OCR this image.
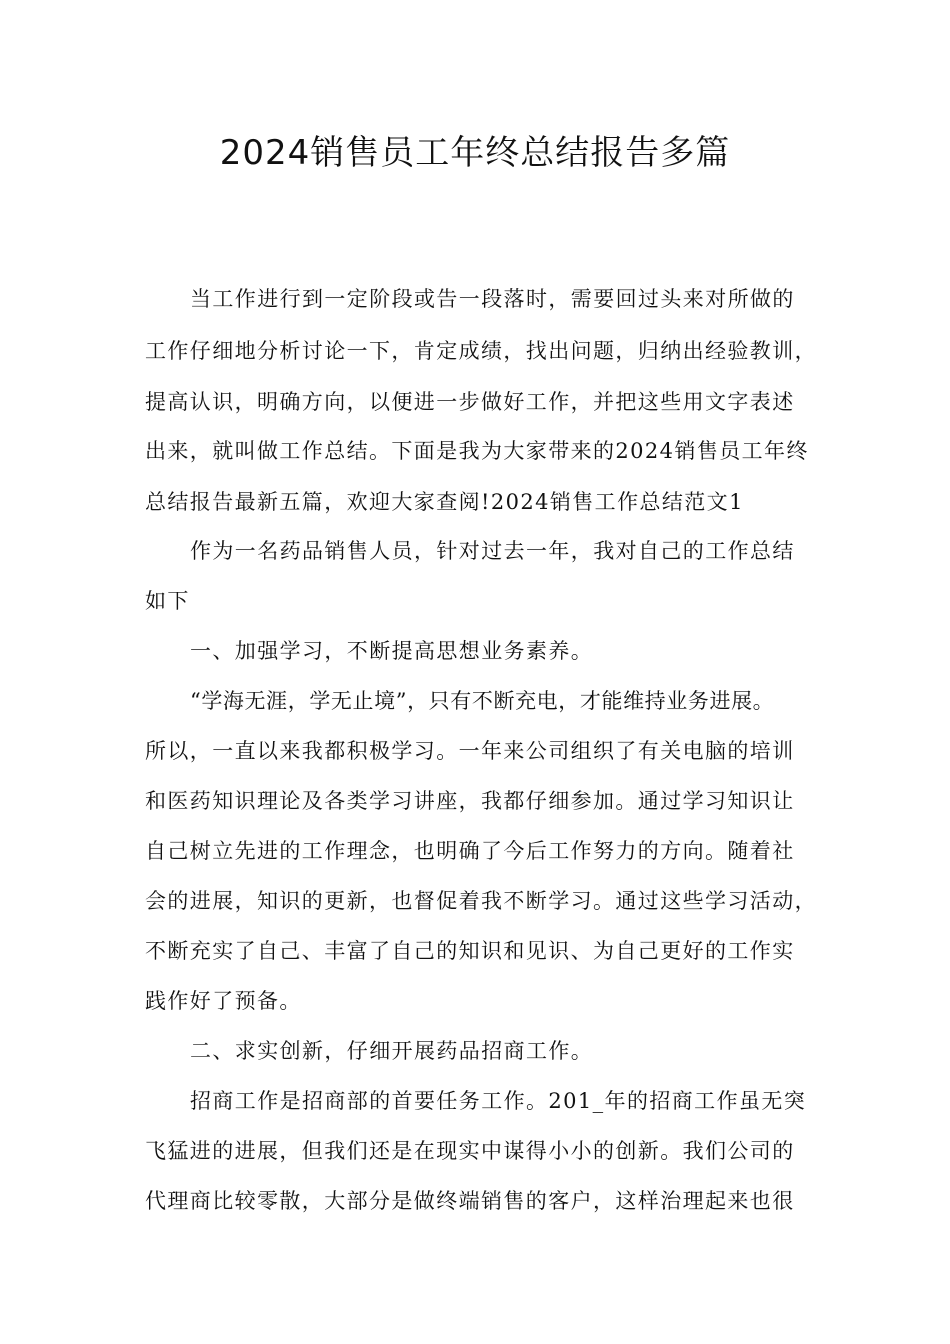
2024销售员工年终总结报告多篇
当工作进行到一定阶段或告一段落时，需要回过头来对所做的
工作仔细地分析讨论一下，肯定成绩，找出问题，归纳出经验教训，
提高认识，明确方向，以便进一步做好工作，并把这些用文字表述
出来，就叫做工作总结。下面是我为大家带来的2024销售员工年终
总结报告最新五篇，欢迎大家查阅!2024销售工作总结范文1
作为一名药品销售人员，针对过去一年，我对自己的工作总结
如下
一、加强学习，不断提高思想业务素养。
“学海无涯，学无止境”，只有不断充电，才能维持业务进展。
所以，一直以来我都积极学习。一年来公司组织了有关电脑的培训
和医药知识理论及各类学习讲座，我都仔细参加。通过学习知识让
自己树立先进的工作理念，也明确了今后工作努力的方向。随着社
会的进展，知识的更新，也督促着我不断学习。通过这些学习活动，
不断充实了自己、丰富了自己的知识和见识、为自己更好的工作实
践作好了预备。
二、求实创新，仔细开展药品招商工作。
招商工作是招商部的首要任务工作。201_年的招商工作虽无突
飞猛进的进展，但我们还是在现实中谋得小小的创新。我们公司的
代理商比较零散，大部分是做终端销售的客户，这样治理起来也很
